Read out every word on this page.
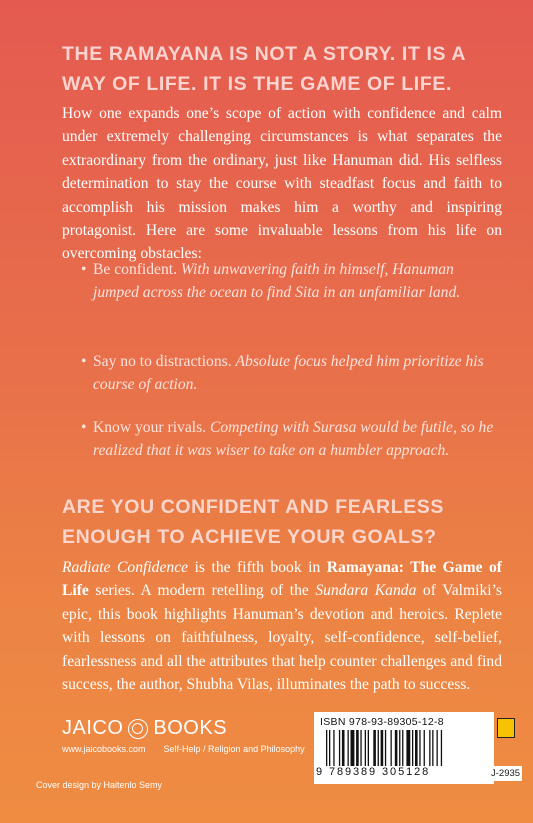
THE RAMAYANA IS NOT A STORY. IT IS A WAY OF LIFE. IT IS THE GAME OF LIFE.

How one expands one’s scope of action with confidence and calm under extremely challenging circumstances is what separates the extraordinary from the ordinary, just like Hanuman did. His selfless determination to stay the course with steadfast focus and faith to accomplish his mission makes him a worthy and inspiring protagonist. Here are some invaluable lessons from his life on overcoming obstacles:

• Be confident. With unwavering faith in himself, Hanuman jumped across the ocean to find Sita in an unfamiliar land.
• Say no to distractions. Absolute focus helped him prioritize his course of action.
• Know your rivals. Competing with Surasa would be futile, so he realized that it was wiser to take on a humbler approach.

ARE YOU CONFIDENT AND FEARLESS ENOUGH TO ACHIEVE YOUR GOALS?

Radiate Confidence is the fifth book in Ramayana: The Game of Life series. A modern retelling of the Sundara Kanda of Valmiki’s epic, this book highlights Hanuman’s devotion and heroics. Replete with lessons on faithfulness, loyalty, self-confidence, self-belief, fearlessness and all the attributes that help counter challenges and find success, the author, Shubha Vilas, illuminates the path to success.

JAICO BOOKS
www.jaicobooks.com Self-Help / Religion and Philosophy
Cover design by Haitenlo Semy
ISBN 978-93-89305-12-8
9 789389 305128	J-2935
